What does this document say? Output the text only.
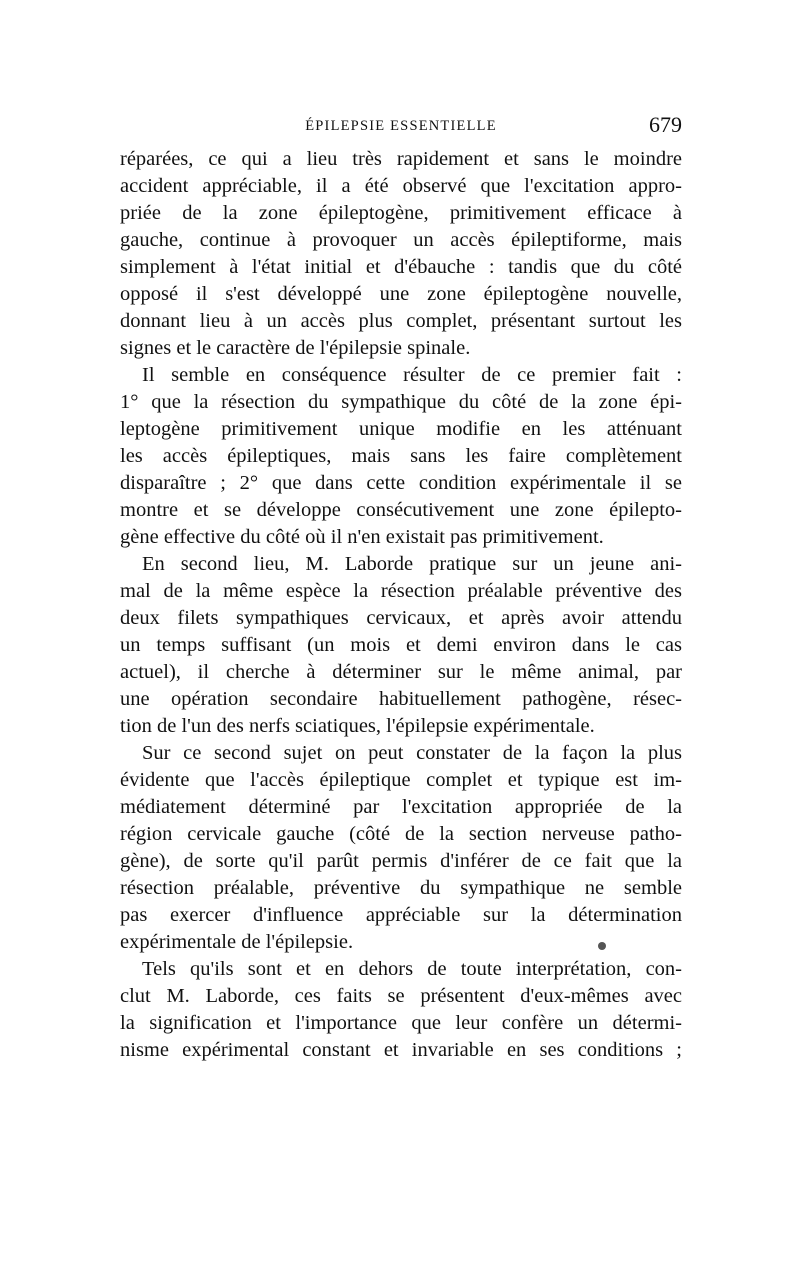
ÉPILEPSIE ESSENTIELLE	679
réparées, ce qui a lieu très rapidement et sans le moindre
accident appréciable, il a été observé que l'excitation appro-
priée de la zone épileptogène, primitivement efficace à
gauche, continue à provoquer un accès épileptiforme, mais
simplement à l'état initial et d'ébauche : tandis que du côté
opposé il s'est développé une zone épileptogène nouvelle,
donnant lieu à un accès plus complet, présentant surtout les
signes et le caractère de l'épilepsie spinale.
Il semble en conséquence résulter de ce premier fait :
1° que la résection du sympathique du côté de la zone épi-
leptogène primitivement unique modifie en les atténuant
les accès épileptiques, mais sans les faire complètement
disparaître ; 2° que dans cette condition expérimentale il se
montre et se développe consécutivement une zone épilepto-
gène effective du côté où il n'en existait pas primitivement.
En second lieu, M. Laborde pratique sur un jeune ani-
mal de la même espèce la résection préalable préventive des
deux filets sympathiques cervicaux, et après avoir attendu
un temps suffisant (un mois et demi environ dans le cas
actuel), il cherche à déterminer sur le même animal, par
une opération secondaire habituellement pathogène, résec-
tion de l'un des nerfs sciatiques, l'épilepsie expérimentale.
Sur ce second sujet on peut constater de la façon la plus
évidente que l'accès épileptique complet et typique est im-
médiatement déterminé par l'excitation appropriée de la
région cervicale gauche (côté de la section nerveuse patho-
gène), de sorte qu'il parût permis d'inférer de ce fait que la
résection préalable, préventive du sympathique ne semble
pas exercer d'influence appréciable sur la détermination
expérimentale de l'épilepsie.
Tels qu'ils sont et en dehors de toute interprétation, con-
clut M. Laborde, ces faits se présentent d'eux-mêmes avec
la signification et l'importance que leur confère un détermi-
nisme expérimental constant et invariable en ses conditions ;
